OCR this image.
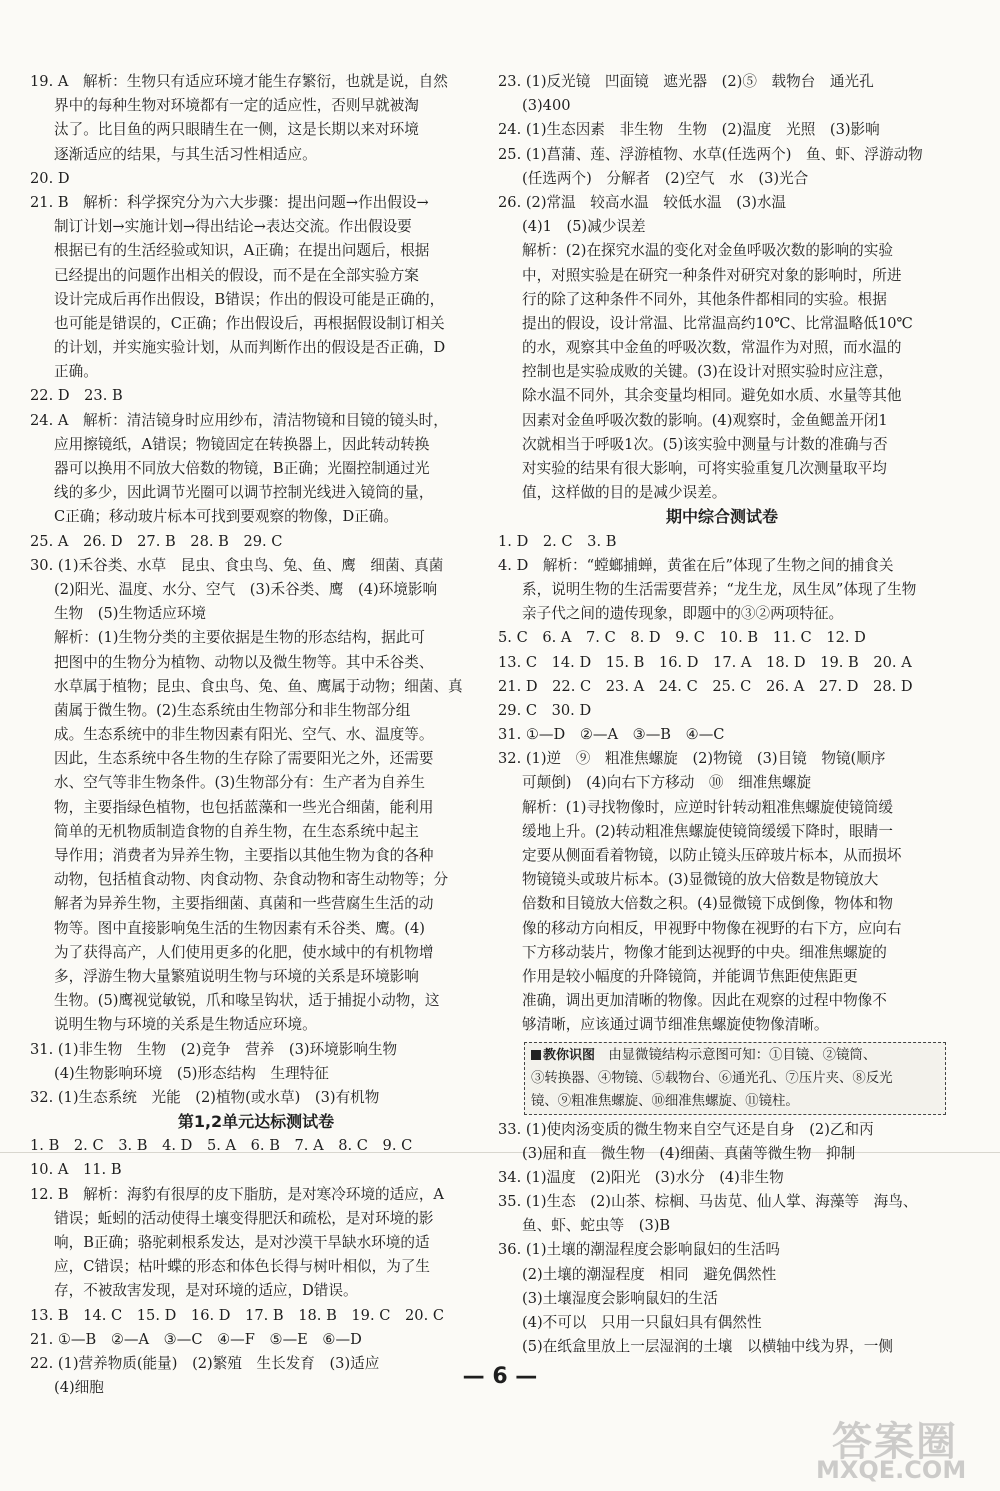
19. A　解析：生物只有适应环境才能生存繁衍，也就是说，自然
界中的每种生物对环境都有一定的适应性，否则早就被淘
汰了。比目鱼的两只眼睛生在一侧，这是长期以来对环境
逐渐适应的结果，与其生活习性相适应。
20. D
21. B　解析：科学探究分为六大步骤：提出问题→作出假设→
制订计划→实施计划→得出结论→表达交流。作出假设要
根据已有的生活经验或知识，A正确；在提出问题后，根据
已经提出的问题作出相关的假设，而不是在全部实验方案
设计完成后再作出假设，B错误；作出的假设可能是正确的，
也可能是错误的，C正确；作出假设后，再根据假设制订相关
的计划，并实施实验计划，从而判断作出的假设是否正确，D
正确。
22. D　23. B
24. A　解析：清洁镜身时应用纱布，清洁物镜和目镜的镜头时，
应用擦镜纸，A错误；物镜固定在转换器上，因此转动转换
器可以换用不同放大倍数的物镜，B正确；光圈控制通过光
线的多少，因此调节光圈可以调节控制光线进入镜筒的量，
C正确；移动玻片标本可找到要观察的物像，D正确。
25. A　26. D　27. B　28. B　29. C
30. (1)禾谷类、水草　昆虫、食虫鸟、兔、鱼、鹰　细菌、真菌
(2)阳光、温度、水分、空气　(3)禾谷类、鹰　(4)环境影响
生物　(5)生物适应环境
解析：(1)生物分类的主要依据是生物的形态结构，据此可
把图中的生物分为植物、动物以及微生物等。其中禾谷类、
水草属于植物；昆虫、食虫鸟、兔、鱼、鹰属于动物；细菌、真
菌属于微生物。(2)生态系统由生物部分和非生物部分组
成。生态系统中的非生物因素有阳光、空气、水、温度等。
因此，生态系统中各生物的生存除了需要阳光之外，还需要
水、空气等非生物条件。(3)生物部分有：生产者为自养生
物，主要指绿色植物，也包括蓝藻和一些光合细菌，能利用
简单的无机物质制造食物的自养生物，在生态系统中起主
导作用；消费者为异养生物，主要指以其他生物为食的各种
动物，包括植食动物、肉食动物、杂食动物和寄生动物等；分
解者为异养生物，主要指细菌、真菌和一些营腐生生活的动
物等。图中直接影响兔生活的生物因素有禾谷类、鹰。(4)
为了获得高产，人们使用更多的化肥，使水域中的有机物增
多，浮游生物大量繁殖说明生物与环境的关系是环境影响
生物。(5)鹰视觉敏锐，爪和喙呈钩状，适于捕捉小动物，这
说明生物与环境的关系是生物适应环境。
31. (1)非生物　生物　(2)竞争　营养　(3)环境影响生物
(4)生物影响环境　(5)形态结构　生理特征
32. (1)生态系统　光能　(2)植物(或水草)　(3)有机物
第1,2单元达标测试卷
1. B　2. C　3. B　4. D　5. A　6. B　7. A　8. C　9. C
10. A　11. B
12. B　解析：海豹有很厚的皮下脂肪，是对寒冷环境的适应，A
错误；蚯蚓的活动使得土壤变得肥沃和疏松，是对环境的影
响，B正确；骆驼刺根系发达，是对沙漠干旱缺水环境的适
应，C错误；枯叶蝶的形态和体色长得与树叶相似，为了生
存，不被敌害发现，是对环境的适应，D错误。
13. B　14. C　15. D　16. D　17. B　18. B　19. C　20. C
21. ①—B　②—A　③—C　④—F　⑤—E　⑥—D
22. (1)营养物质(能量)　(2)繁殖　生长发育　(3)适应
(4)细胞
23. (1)反光镜　凹面镜　遮光器　(2)⑤　载物台　通光孔
(3)400
24. (1)生态因素　非生物　生物　(2)温度　光照　(3)影响
25. (1)菖蒲、莲、浮游植物、水草(任选两个)　鱼、虾、浮游动物
(任选两个)　分解者　(2)空气　水　(3)光合
26. (2)常温　较高水温　较低水温　(3)水温
(4)1　(5)减少误差
解析：(2)在探究水温的变化对金鱼呼吸次数的影响的实验
中，对照实验是在研究一种条件对研究对象的影响时，所进
行的除了这种条件不同外，其他条件都相同的实验。根据
提出的假设，设计常温、比常温高约10℃、比常温略低10℃
的水，观察其中金鱼的呼吸次数，常温作为对照，而水温的
控制也是实验成败的关键。(3)在设计对照实验时应注意，
除水温不同外，其余变量均相同。避免如水质、水量等其他
因素对金鱼呼吸次数的影响。(4)观察时，金鱼鳃盖开闭1
次就相当于呼吸1次。(5)该实验中测量与计数的准确与否
对实验的结果有很大影响，可将实验重复几次测量取平均
值，这样做的目的是减少误差。
期中综合测试卷
1. D　2. C　3. B
4. D　解析：“螳螂捕蝉，黄雀在后”体现了生物之间的捕食关
系，说明生物的生活需要营养；“龙生龙，凤生凤”体现了生物
亲子代之间的遗传现象，即题中的③②两项特征。
5. C　6. A　7. C　8. D　9. C　10. B　11. C　12. D
13. C　14. D　15. B　16. D　17. A　18. D　19. B　20. A
21. D　22. C　23. A　24. C　25. C　26. A　27. D　28. D
29. C　30. D
31. ①—D　②—A　③—B　④—C
32. (1)逆　⑨　粗准焦螺旋　(2)物镜　(3)目镜　物镜(顺序
可颠倒)　(4)向右下方移动　⑩　细准焦螺旋
解析：(1)寻找物像时，应逆时针转动粗准焦螺旋使镜筒缓
缓地上升。(2)转动粗准焦螺旋使镜筒缓缓下降时，眼睛一
定要从侧面看着物镜，以防止镜头压碎玻片标本，从而损坏
物镜镜头或玻片标本。(3)显微镜的放大倍数是物镜放大
倍数和目镜放大倍数之积。(4)显微镜下成倒像，物体和物
像的移动方向相反，甲视野中物像在视野的右下方，应向右
下方移动装片，物像才能到达视野的中央。细准焦螺旋的
作用是较小幅度的升降镜筒，并能调节焦距使焦距更
准确，调出更加清晰的物像。因此在观察的过程中物像不
够清晰，应该通过调节细准焦螺旋使物像清晰。
教你识图　 由显微镜结构示意图可知：①目镜、②镜筒、
③转换器、④物镜、⑤载物台、⑥通光孔、⑦压片夹、⑧反光
镜、⑨粗准焦螺旋、⑩细准焦螺旋、⑪镜柱。
33. (1)使肉汤变质的微生物来自空气还是自身　(2)乙和丙
(3)屈和直　微生物　(4)细菌、真菌等微生物　抑制
34. (1)温度　(2)阳光　(3)水分　(4)非生物
35. (1)生态　(2)山茶、棕榈、马齿苋、仙人掌、海藻等　海鸟、
鱼、虾、蛇虫等　(3)B
36. (1)土壤的潮湿程度会影响鼠妇的生活吗
(2)土壤的潮湿程度　相同　避免偶然性
(3)土壤湿度会影响鼠妇的生活
(4)不可以　只用一只鼠妇具有偶然性
(5)在纸盒里放上一层湿润的土壤　以横轴中线为界，一侧
— 6 —
答案圈
MXQE.COM
